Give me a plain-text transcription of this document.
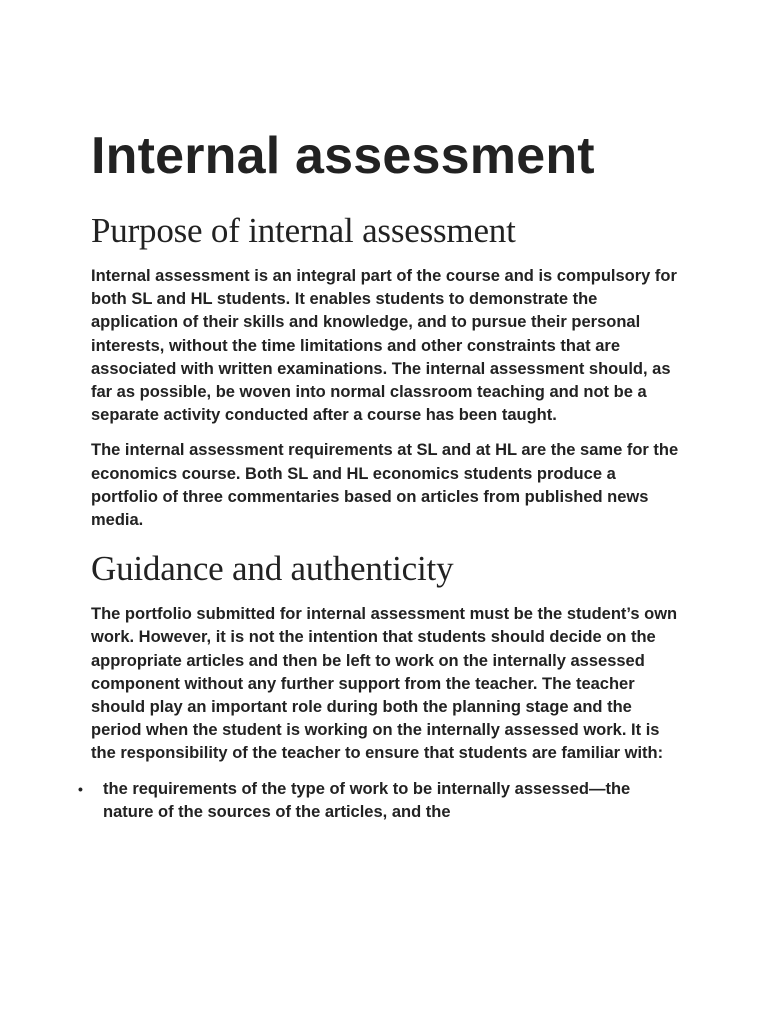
Internal assessment
Purpose of internal assessment

Internal assessment is an integral part of the course and is compulsory for both SL and HL students. It enables students to demonstrate the application of their skills and knowledge, and to pursue their personal interests, without the time limitations and other constraints that are associated with written examinations. The internal assessment should, as far as possible, be woven into normal classroom teaching and not be a separate activity conducted after a course has been taught.

The internal assessment requirements at SL and at HL are the same for the economics course. Both SL and HL economics students produce a portfolio of three commentaries based on articles from published news media.

Guidance and authenticity

The portfolio submitted for internal assessment must be the student’s own work. However, it is not the intention that students should decide on the appropriate articles and then be left to work on the internally assessed component without any further support from the teacher. The teacher should play an important role during both the planning stage and the period when the student is working on the internally assessed work. It is the responsibility of the teacher to ensure that students are familiar with:

•	the requirements of the type of work to be internally assessed—the nature of the sources of the articles, and the
